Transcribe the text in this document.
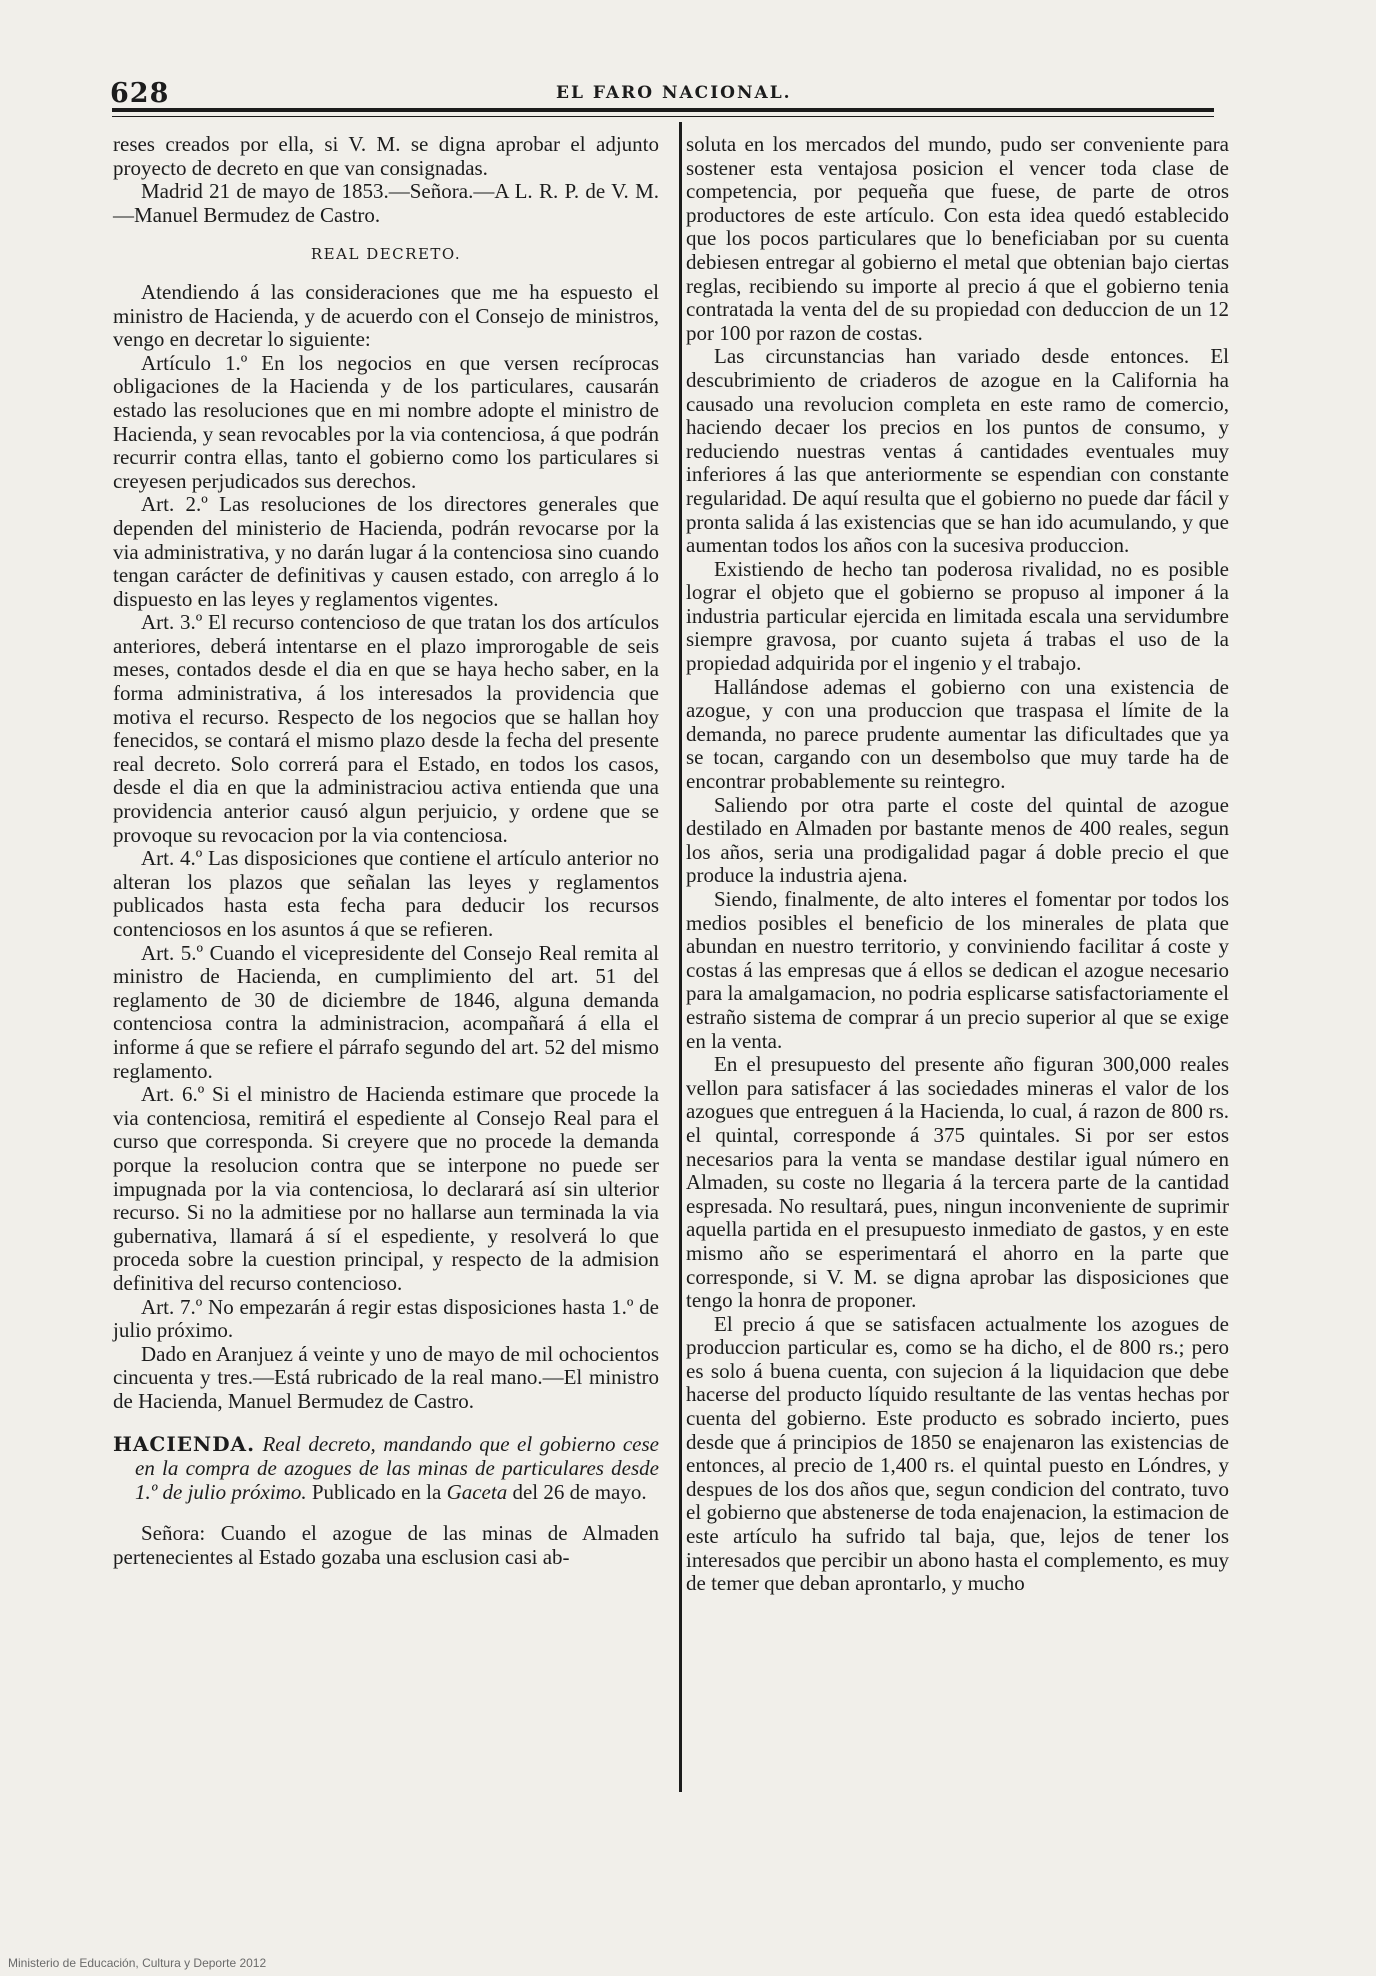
628	EL FARO NACIONAL.

reses creados por ella, si V. M. se digna aprobar el adjunto proyecto de decreto en que van consignadas.

Madrid 21 de mayo de 1853.—Señora.—A L. R. P. de V. M.—Manuel Bermudez de Castro.

REAL DECRETO.

Atendiendo á las consideraciones que me ha espuesto el ministro de Hacienda, y de acuerdo con el Consejo de ministros, vengo en decretar lo siguiente:

Artículo 1.º En los negocios en que versen recíprocas obligaciones de la Hacienda y de los particulares, causarán estado las resoluciones que en mi nombre adopte el ministro de Hacienda, y sean revocables por la via contenciosa, á que podrán recurrir contra ellas, tanto el gobierno como los particulares si creyesen perjudicados sus derechos.

Art. 2.º Las resoluciones de los directores generales que dependen del ministerio de Hacienda, podrán revocarse por la via administrativa, y no darán lugar á la contenciosa sino cuando tengan carácter de definitivas y causen estado, con arreglo á lo dispuesto en las leyes y reglamentos vigentes.

Art. 3.º El recurso contencioso de que tratan los dos artículos anteriores, deberá intentarse en el plazo improrogable de seis meses, contados desde el dia en que se haya hecho saber, en la forma administrativa, á los interesados la providencia que motiva el recurso. Respecto de los negocios que se hallan hoy fenecidos, se contará el mismo plazo desde la fecha del presente real decreto. Solo correrá para el Estado, en todos los casos, desde el dia en que la administraciou activa entienda que una providencia anterior causó algun perjuicio, y ordene que se provoque su revocacion por la via contenciosa.

Art. 4.º Las disposiciones que contiene el artículo anterior no alteran los plazos que señalan las leyes y reglamentos publicados hasta esta fecha para deducir los recursos contenciosos en los asuntos á que se refieren.

Art. 5.º Cuando el vicepresidente del Consejo Real remita al ministro de Hacienda, en cumplimiento del art. 51 del reglamento de 30 de diciembre de 1846, alguna demanda contenciosa contra la administracion, acompañará á ella el informe á que se refiere el párrafo segundo del art. 52 del mismo reglamento.

Art. 6.º Si el ministro de Hacienda estimare que procede la via contenciosa, remitirá el espediente al Consejo Real para el curso que corresponda. Si creyere que no procede la demanda porque la resolucion contra que se interpone no puede ser impugnada por la via contenciosa, lo declarará así sin ulterior recurso. Si no la admitiese por no hallarse aun terminada la via gubernativa, llamará á sí el espediente, y resolverá lo que proceda sobre la cuestion principal, y respecto de la admision definitiva del recurso contencioso.

Art. 7.º No empezarán á regir estas disposiciones hasta 1.º de julio próximo.

Dado en Aranjuez á veinte y uno de mayo de mil ochocientos cincuenta y tres.—Está rubricado de la real mano.—El ministro de Hacienda, Manuel Bermudez de Castro.

HACIENDA. Real decreto, mandando que el gobierno cese en la compra de azogues de las minas de particulares desde 1.º de julio próximo. Publicado en la Gaceta del 26 de mayo.

Señora: Cuando el azogue de las minas de Almaden pertenecientes al Estado gozaba una esclusion casi ab-

soluta en los mercados del mundo, pudo ser conveniente para sostener esta ventajosa posicion el vencer toda clase de competencia, por pequeña que fuese, de parte de otros productores de este artículo. Con esta idea quedó establecido que los pocos particulares que lo beneficiaban por su cuenta debiesen entregar al gobierno el metal que obtenian bajo ciertas reglas, recibiendo su importe al precio á que el gobierno tenia contratada la venta del de su propiedad con deduccion de un 12 por 100 por razon de costas.

Las circunstancias han variado desde entonces. El descubrimiento de criaderos de azogue en la California ha causado una revolucion completa en este ramo de comercio, haciendo decaer los precios en los puntos de consumo, y reduciendo nuestras ventas á cantidades eventuales muy inferiores á las que anteriormente se espendian con constante regularidad. De aquí resulta que el gobierno no puede dar fácil y pronta salida á las existencias que se han ido acumulando, y que aumentan todos los años con la sucesiva produccion.

Existiendo de hecho tan poderosa rivalidad, no es posible lograr el objeto que el gobierno se propuso al imponer á la industria particular ejercida en limitada escala una servidumbre siempre gravosa, por cuanto sujeta á trabas el uso de la propiedad adquirida por el ingenio y el trabajo.

Hallándose ademas el gobierno con una existencia de azogue, y con una produccion que traspasa el límite de la demanda, no parece prudente aumentar las dificultades que ya se tocan, cargando con un desembolso que muy tarde ha de encontrar probablemente su reintegro.

Saliendo por otra parte el coste del quintal de azogue destilado en Almaden por bastante menos de 400 reales, segun los años, seria una prodigalidad pagar á doble precio el que produce la industria ajena.

Siendo, finalmente, de alto interes el fomentar por todos los medios posibles el beneficio de los minerales de plata que abundan en nuestro territorio, y conviniendo facilitar á coste y costas á las empresas que á ellos se dedican el azogue necesario para la amalgamacion, no podria esplicarse satisfactoriamente el estraño sistema de comprar á un precio superior al que se exige en la venta.

En el presupuesto del presente año figuran 300,000 reales vellon para satisfacer á las sociedades mineras el valor de los azogues que entreguen á la Hacienda, lo cual, á razon de 800 rs. el quintal, corresponde á 375 quintales. Si por ser estos necesarios para la venta se mandase destilar igual número en Almaden, su coste no llegaria á la tercera parte de la cantidad espresada. No resultará, pues, ningun inconveniente de suprimir aquella partida en el presupuesto inmediato de gastos, y en este mismo año se esperimentará el ahorro en la parte que corresponde, si V. M. se digna aprobar las disposiciones que tengo la honra de proponer.

El precio á que se satisfacen actualmente los azogues de produccion particular es, como se ha dicho, el de 800 rs.; pero es solo á buena cuenta, con sujecion á la liquidacion que debe hacerse del producto líquido resultante de las ventas hechas por cuenta del gobierno. Este producto es sobrado incierto, pues desde que á principios de 1850 se enajenaron las existencias de entonces, al precio de 1,400 rs. el quintal puesto en Lóndres, y despues de los dos años que, segun condicion del contrato, tuvo el gobierno que abstenerse de toda enajenacion, la estimacion de este artículo ha sufrido tal baja, que, lejos de tener los interesados que percibir un abono hasta el complemento, es muy de temer que deban aprontarlo, y mucho

Ministerio de Educación, Cultura y Deporte 2012
